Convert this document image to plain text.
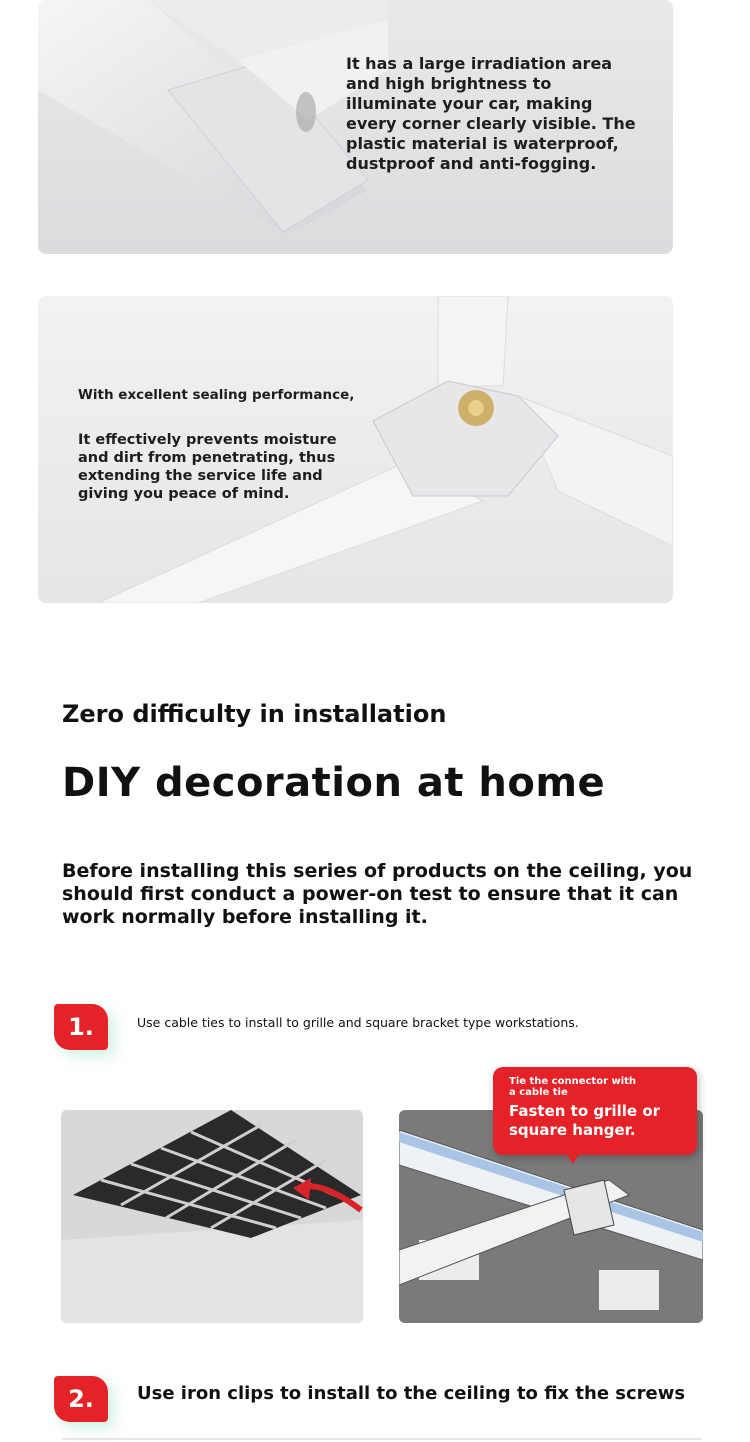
It has a large irradiation area and high brightness to illuminate your car, making every corner clearly visible. The plastic material is waterproof, dustproof and anti-fogging.
With excellent sealing performance,
It effectively prevents moisture and dirt from penetrating, thus extending the service life and giving you peace of mind.
Zero difficulty in installation
DIY decoration at home

Before installing this series of products on the ceiling, you should first conduct a power-on test to ensure that it can work normally before installing it.

1.	Use cable ties to install to grille and square bracket type workstations.
Tie the connector with a cable tie
Fasten to grille or square hanger.
2.	Use iron clips to install to the ceiling to fix the screws
